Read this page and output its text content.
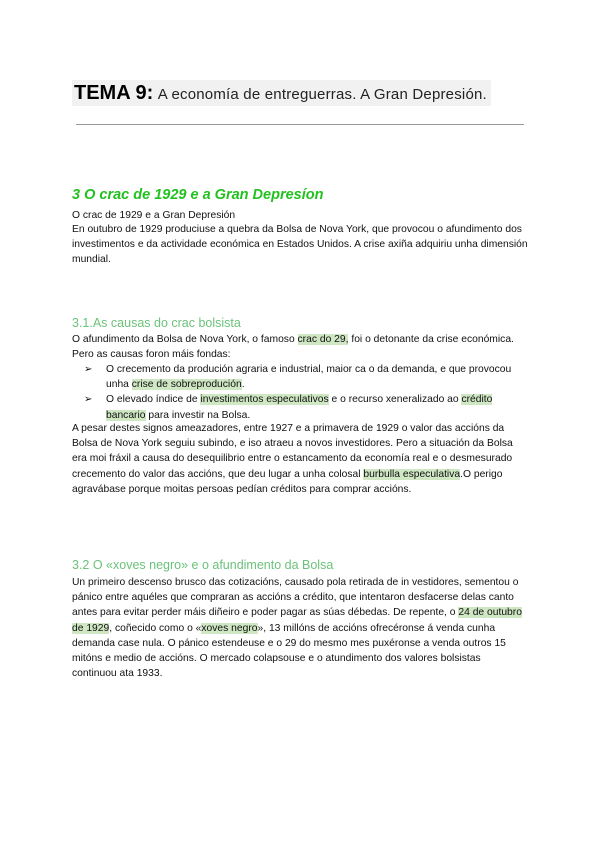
TEMA 9: A economía de entreguerras. A Gran Depresión.
3 O crac de 1929 e a Gran Depresíon
O crac de 1929 e a Gran Depresión
En outubro de 1929 produciuse a quebra da Bolsa de Nova York, que provocou o afundimento dos investimentos e da actividade económica en Estados Unidos. A crise axiña adquiriu unha dimensión mundial.
3.1.As causas do crac bolsista
O afundimento da Bolsa de Nova York, o famoso crac do 29, foi o detonante da crise económica. Pero as causas foron máis fondas:
➢ O crecemento da produción agraria e industrial, maior ca o da demanda, e que provocou unha crise de sobreprodución.
➢ O elevado índice de investimentos especulativos e o recurso xeneralizado ao crédito bancario para investir na Bolsa.
A pesar destes signos ameazadores, entre 1927 e a primavera de 1929 o valor das accións da Bolsa de Nova York seguiu subindo, e iso atraeu a novos investidores. Pero a situación da Bolsa era moi fráxil a causa do desequilibrio entre o estancamento da economía real e o desmesurado crecemento do valor das accións, que deu lugar a unha colosal burbulla especulativa.O perigo agravábase porque moitas persoas pedían créditos para comprar accións.
3.2 O «xoves negro» e o afundimento da Bolsa
Un primeiro descenso brusco das cotizacións, causado pola retirada de in vestidores, sementou o pánico entre aquéles que compraran as accións a crédito, que intentaron desfacerse delas canto antes para evitar perder máis diñeiro e poder pagar as súas débedas. De repente, o 24 de outubro de 1929, coñecido como o «xoves negro», 13 millóns de accións ofrecéronse á venda cunha demanda case nula. O pánico estendeuse e o 29 do mesmo mes puxéronse a venda outros 15 mitóns e medio de accións. O mercado colapsouse e o atundimento dos valores bolsistas continuou ata 1933.
